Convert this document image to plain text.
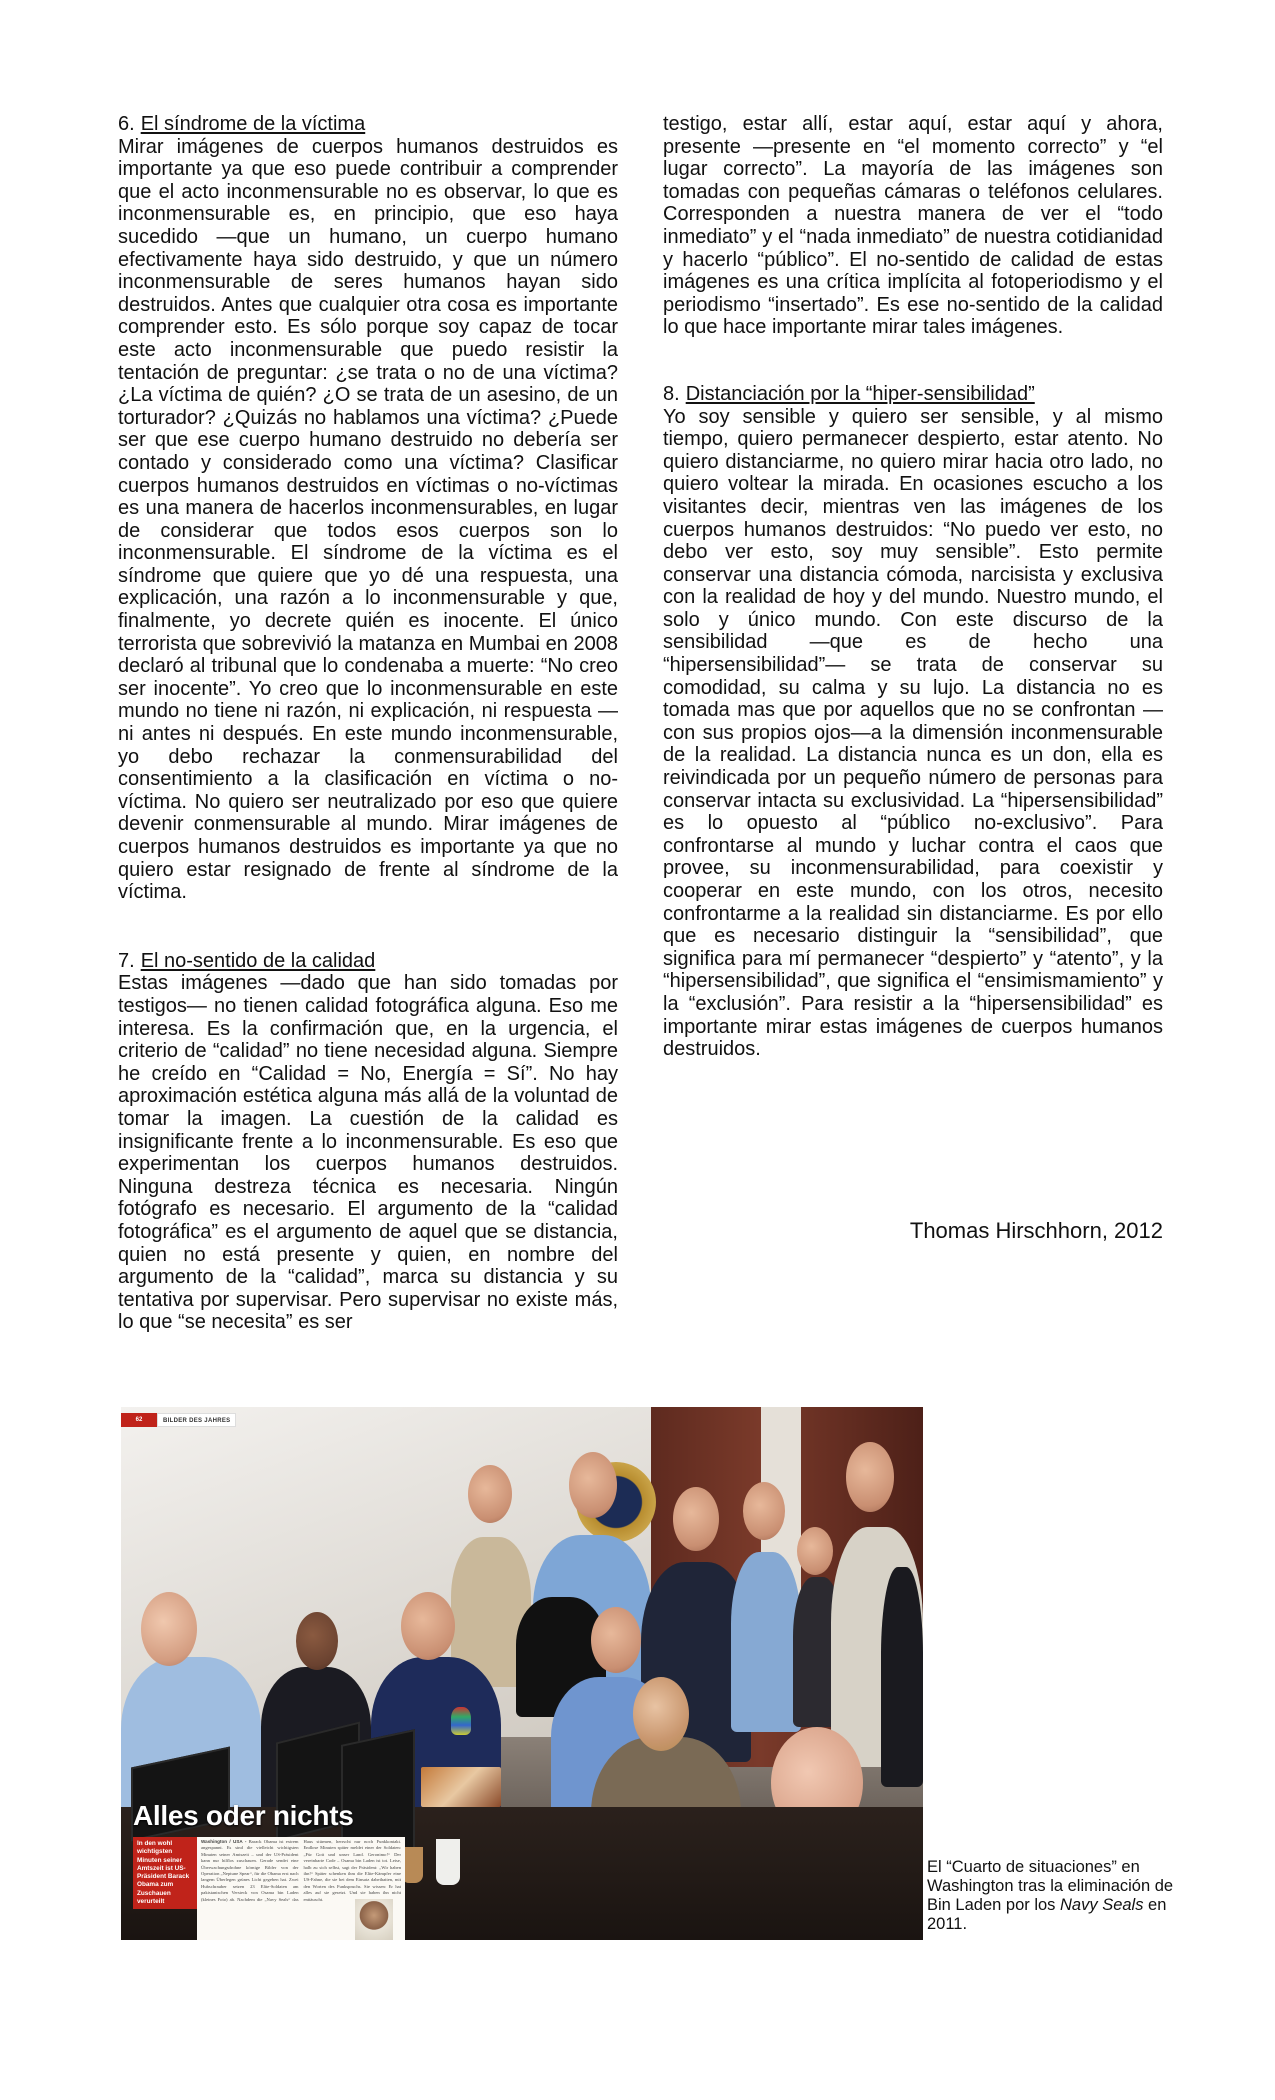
6. El síndrome de la víctima

Mirar imágenes de cuerpos humanos destruidos es importante ya que eso puede contribuir a comprender que el acto inconmensurable no es observar, lo que es inconmensurable es, en principio, que eso haya sucedido —que un humano, un cuerpo humano efectivamente haya sido destruido, y que un número inconmensurable de seres humanos hayan sido destruidos. Antes que cualquier otra cosa es importante comprender esto. Es sólo porque soy capaz de tocar este acto inconmensurable que puedo resistir la tentación de preguntar: ¿se trata o no de una víctima? ¿La víctima de quién? ¿O se trata de un asesino, de un torturador? ¿Quizás no hablamos una víctima? ¿Puede ser que ese cuerpo humano destruido no debería ser contado y considerado como una víctima? Clasificar cuerpos humanos destruidos en víctimas o no-víctimas es una manera de hacerlos inconmensurables, en lugar de considerar que todos esos cuerpos son lo inconmensurable. El síndrome de la víctima es el síndrome que quiere que yo dé una respuesta, una explicación, una razón a lo inconmensurable y que, finalmente, yo decrete quién es inocente. El único terrorista que sobrevivió la matanza en Mumbai en 2008 declaró al tribunal que lo condenaba a muerte: “No creo ser inocente”. Yo creo que lo inconmensurable en este mundo no tiene ni razón, ni explicación, ni respuesta —ni antes ni después. En este mundo inconmensurable, yo debo rechazar la conmensurabilidad del consentimiento a la clasificación en víctima o no-víctima. No quiero ser neutralizado por eso que quiere devenir conmensurable al mundo. Mirar imágenes de cuerpos humanos destruidos es importante ya que no quiero estar resignado de frente al síndrome de la víctima.

7. El no-sentido de la calidad

Estas imágenes —dado que han sido tomadas por testigos— no tienen calidad fotográfica alguna. Eso me interesa. Es la confirmación que, en la urgencia, el criterio de “calidad” no tiene necesidad alguna. Siempre he creído en “Calidad = No, Energía = Sí”. No hay aproximación estética alguna más allá de la voluntad de tomar la imagen. La cuestión de la calidad es insignificante frente a lo inconmensurable. Es eso que experimentan los cuerpos humanos destruidos. Ninguna destreza técnica es necesaria. Ningún fotógrafo es necesario. El argumento de la “calidad fotográfica” es el argumento de aquel que se distancia, quien no está presente y quien, en nombre del argumento de la “calidad”, marca su distancia y su tentativa por supervisar. Pero supervisar no existe más, lo que “se necesita” es ser

testigo, estar allí, estar aquí, estar aquí y ahora, presente —presente en “el momento correcto” y “el lugar correcto”. La mayoría de las imágenes son tomadas con pequeñas cámaras o teléfonos celulares. Corresponden a nuestra manera de ver el “todo inmediato” y el “nada inmediato” de nuestra cotidianidad y hacerlo “público”. El no-sentido de calidad de estas imágenes es una crítica implícita al fotoperiodismo y el periodismo “insertado”. Es ese no-sentido de la calidad lo que hace importante mirar tales imágenes.

8. Distanciación por la “hiper-sensibilidad”

Yo soy sensible y quiero ser sensible, y al mismo tiempo, quiero permanecer despierto, estar atento. No quiero distanciarme, no quiero mirar hacia otro lado, no quiero voltear la mirada. En ocasiones escucho a los visitantes decir, mientras ven las imágenes de los cuerpos humanos destruidos: “No puedo ver esto, no debo ver esto, soy muy sensible”. Esto permite conservar una distancia cómoda, narcisista y exclusiva con la realidad de hoy y del mundo. Nuestro mundo, el solo y único mundo. Con este discurso de la sensibilidad —que es de hecho una “hipersensibilidad”— se trata de conservar su comodidad, su calma y su lujo. La distancia no es tomada mas que por aquellos que no se confrontan —con sus propios ojos—a la dimensión inconmensurable de la realidad. La distancia nunca es un don, ella es reivindicada por un pequeño número de personas para conservar intacta su exclusividad. La “hipersensibilidad” es lo opuesto al “público no-exclusivo”. Para confrontarse al mundo y luchar contra el caos que provee, su inconmensurabilidad, para coexistir y cooperar en este mundo, con los otros, necesito confrontarme a la realidad sin distanciarme. Es por ello que es necesario distinguir la “sensibilidad”, que significa para mí permanecer “despierto” y “atento”, y la “hipersensibilidad”, que significa el “ensimismamiento” y la “exclusión”. Para resistir a la “hipersensibilidad” es importante mirar estas imágenes de cuerpos humanos destruidos.

Thomas Hirschhorn, 2012
62	BILDER DES JAHRES
Alles oder nichts
In den wohl wichtigsten Minuten seiner Amtszeit ist US-Präsident Barack Obama zum Zuschauen verurteilt
Washington / USA - Barack Obama ist extrem angespannt. Es sind die vielleicht wichtigsten Minuten seiner Amtszeit – und der US-Präsident kann nur hilflos zuschauen. Gerade sendet eine Überwachungsdrohne körnige Bilder von der Operation „Neptune Spear“, für die Obama erst nach langem Überlegen grünes Licht gegeben hat. Zwei Hubschrauber setzen 23 Elite-Soldaten am pakistanischen Versteck von Osama bin Laden (kleines Foto) ab. Nachdem die „Navy Seals“ das Haus stürmen, herrscht nur noch Funkkontakt. Endlose Minuten später meldet einer der Soldaten: „Für Gott und unser Land. Geronimo!“ Der vereinbarte Code – Osama bin Laden ist tot. Leise, halb zu sich selbst, sagt der Präsident: „Wir haben ihn!“ Später schenken ihm die Elite-Kämpfer eine US-Fahne, die sie bei dem Einsatz dabeihatten, mit den Worten des Funkspruchs. Sie wissen: Er hat alles auf sie gesetzt. Und sie haben ihn nicht enttäuscht.
El “Cuarto de situaciones” en Washington tras la eliminación de Bin Laden por los Navy Seals en 2011.
